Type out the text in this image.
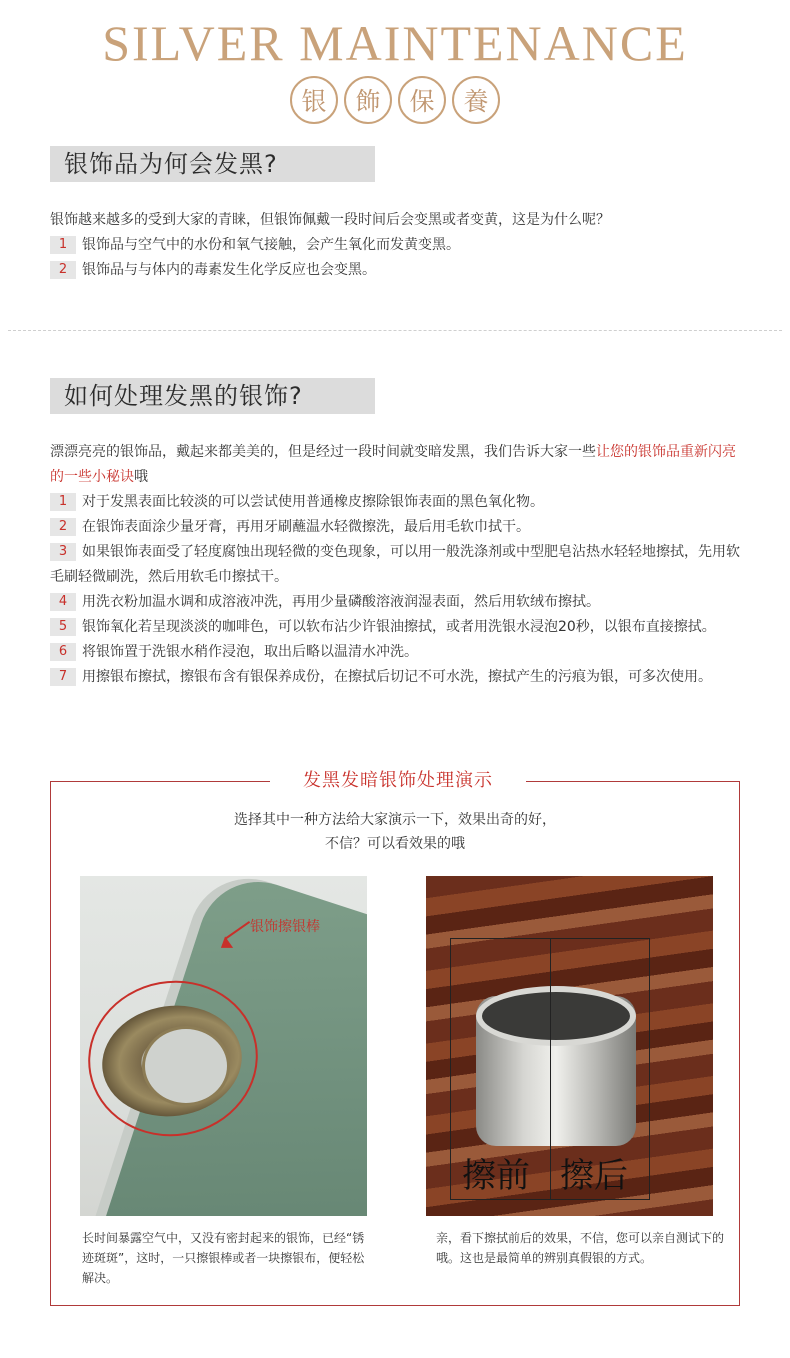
SILVER MAINTENANCE
银	飾	保	養
银饰品为何会发黑?
银饰越来越多的受到大家的青睐，但银饰佩戴一段时间后会变黑或者变黄，这是为什么呢？
1 银饰品与空气中的水份和氧气接触，会产生氧化而发黄变黑。
2 银饰品与与体内的毒素发生化学反应也会变黑。
如何处理发黑的银饰?
漂漂亮亮的银饰品，戴起来都美美的，但是经过一段时间就变暗发黑，我们告诉大家一些让您的银饰品重新闪亮的一些小秘诀哦
1 对于发黑表面比较淡的可以尝试使用普通橡皮擦除银饰表面的黑色氧化物。
2 在银饰表面涂少量牙膏，再用牙刷蘸温水轻微擦洗，最后用毛软巾拭干。
3 如果银饰表面受了轻度腐蚀出现轻微的变色现象，可以用一般洗涤剂或中型肥皂沾热水轻轻地擦拭，先用软毛刷轻微刷洗，然后用软毛巾擦拭干。
4 用洗衣粉加温水调和成溶液冲洗，再用少量磷酸溶液润湿表面，然后用软绒布擦拭。
5 银饰氧化若呈现淡淡的咖啡色，可以软布沾少许银油擦拭，或者用洗银水浸泡20秒，以银布直接擦拭。
6 将银饰置于洗银水稍作浸泡，取出后略以温清水冲洗。
7 用擦银布擦拭，擦银布含有银保养成份，在擦拭后切记不可水洗，擦拭产生的污痕为银，可多次使用。
发黑发暗银饰处理演示
选择其中一种方法给大家演示一下，效果出奇的好，
不信？可以看效果的哦
银饰擦银棒
擦前 擦后
长时间暴露空气中，又没有密封起来的银饰，已经“锈迹斑斑”，这时，一只擦银棒或者一块擦银布，便轻松解决。
亲，看下擦拭前后的效果，不信，您可以亲自测试下的哦。这也是最简单的辨别真假银的方式。
